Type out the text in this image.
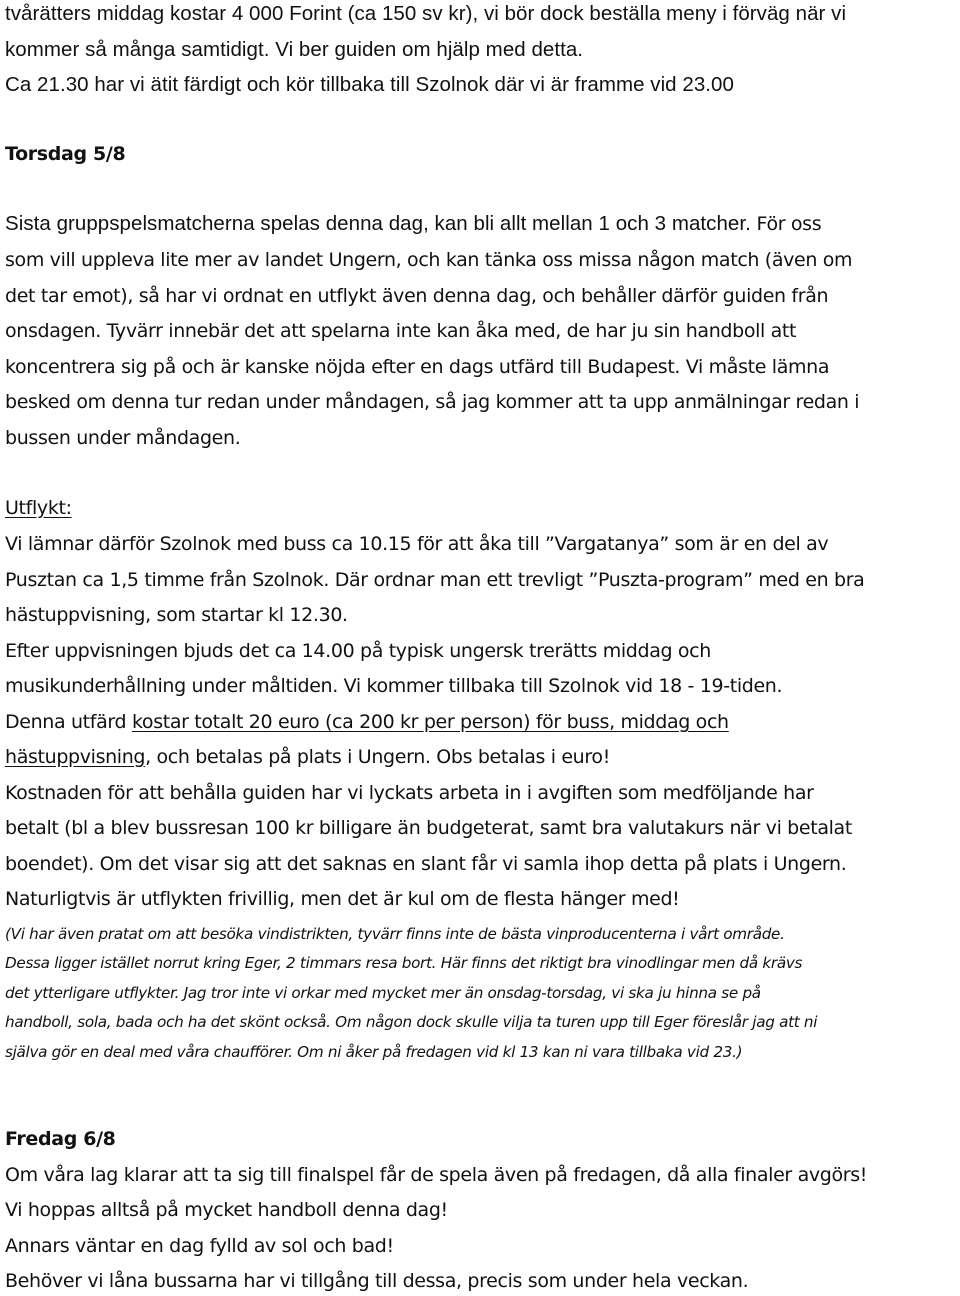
tvårätters middag kostar 4 000 Forint (ca 150 sv kr), vi bör dock beställa meny i förväg när vi
kommer så många samtidigt. Vi ber guiden om hjälp med detta.
Ca 21.30 har vi ätit färdigt och kör tillbaka till Szolnok där vi är framme vid 23.00
Torsdag 5/8
Sista gruppspelsmatcherna spelas denna dag, kan bli allt mellan 1 och 3 matcher. För oss
som vill uppleva lite mer av landet Ungern, och kan tänka oss missa någon match (även om
det tar emot), så har vi ordnat en utflykt även denna dag, och behåller därför guiden från
onsdagen. Tyvärr innebär det att spelarna inte kan åka med, de har ju sin handboll att
koncentrera sig på och är kanske nöjda efter en dags utfärd till Budapest. Vi måste lämna
besked om denna tur redan under måndagen, så jag kommer att ta upp anmälningar redan i
bussen under måndagen.
Utflykt:
Vi lämnar därför Szolnok med buss ca 10.15 för att åka till ”Vargatanya” som är en del av
Pusztan ca 1,5 timme från Szolnok. Där ordnar man ett trevligt ”Puszta-program” med en bra
hästuppvisning, som startar kl 12.30.
Efter uppvisningen bjuds det ca 14.00 på typisk ungersk trerätts middag och
musikunderhållning under måltiden. Vi kommer tillbaka till Szolnok vid 18 - 19-tiden.
Denna utfärd kostar totalt 20 euro (ca 200 kr per person) för buss, middag och
hästuppvisning, och betalas på plats i Ungern. Obs betalas i euro!
Kostnaden för att behålla guiden har vi lyckats arbeta in i avgiften som medföljande har
betalt (bl a blev bussresan 100 kr billigare än budgeterat, samt bra valutakurs när vi betalat
boendet). Om det visar sig att det saknas en slant får vi samla ihop detta på plats i Ungern.
Naturligtvis är utflykten frivillig, men det är kul om de flesta hänger med!
(Vi har även pratat om att besöka vindistrikten, tyvärr finns inte de bästa vinproducenterna i vårt område.
Dessa ligger istället norrut kring Eger, 2 timmars resa bort. Här finns det riktigt bra vinodlingar men då krävs
det ytterligare utflykter. Jag tror inte vi orkar med mycket mer än onsdag-torsdag, vi ska ju hinna se på
handboll, sola, bada och ha det skönt också. Om någon dock skulle vilja ta turen upp till Eger föreslår jag att ni
själva gör en deal med våra chaufförer. Om ni åker på fredagen vid kl 13 kan ni vara tillbaka vid 23.)
Fredag 6/8
Om våra lag klarar att ta sig till finalspel får de spela även på fredagen, då alla finaler avgörs!
Vi hoppas alltså på mycket handboll denna dag!
Annars väntar en dag fylld av sol och bad!
Behöver vi låna bussarna har vi tillgång till dessa, precis som under hela veckan.
